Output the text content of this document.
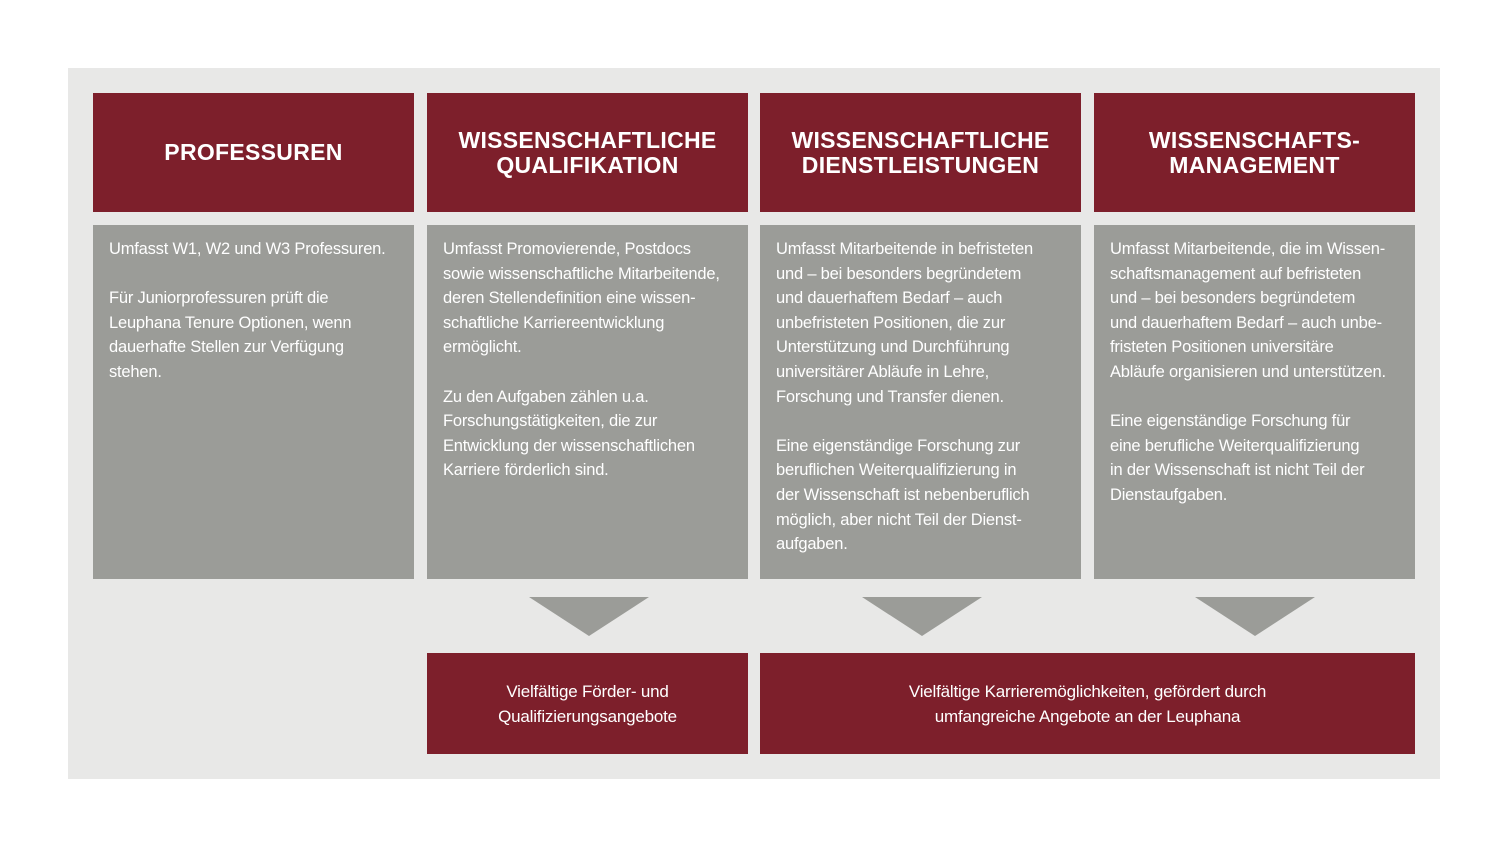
PROFESSUREN	WISSENSCHAFTLICHE
QUALIFIKATION
WISSENSCHAFTLICHE
DIENSTLEISTUNGEN
WISSENSCHAFTS-
MANAGEMENT
Umfasst W1, W2 und W3 Professuren.

Für Juniorprofessuren prüft die
Leuphana Tenure Optionen, wenn
dauerhafte Stellen zur Verfügung
stehen.
Umfasst Promovierende, Postdocs
sowie wissenschaftliche Mitarbeitende,
deren Stellendefinition eine wissen-
schaftliche Karriereentwicklung
ermöglicht.

Zu den Aufgaben zählen u.a.
Forschungstätigkeiten, die zur
Entwicklung der wissenschaftlichen
Karriere förderlich sind.
Umfasst Mitarbeitende in befristeten
und – bei besonders begründetem
und dauerhaftem Bedarf – auch
unbefristeten Positionen, die zur
Unterstützung und Durchführung
universitärer Abläufe in Lehre,
Forschung und Transfer dienen.

Eine eigenständige Forschung zur
beruflichen Weiterqualifizierung in
der Wissenschaft ist nebenberuflich
möglich, aber nicht Teil der Dienst-
aufgaben.
Umfasst Mitarbeitende, die im Wissen-
schaftsmanagement auf befristeten
und – bei besonders begründetem
und dauerhaftem Bedarf – auch unbe-
fristeten Positionen universitäre
Abläufe organisieren und unterstützen.

Eine eigenständige Forschung für
eine berufliche Weiterqualifizierung
in der Wissenschaft ist nicht Teil der
Dienstaufgaben.
Vielfältige Förder- und
Qualifizierungsangebote
Vielfältige Karrieremöglichkeiten, gefördert durch
umfangreiche Angebote an der Leuphana
